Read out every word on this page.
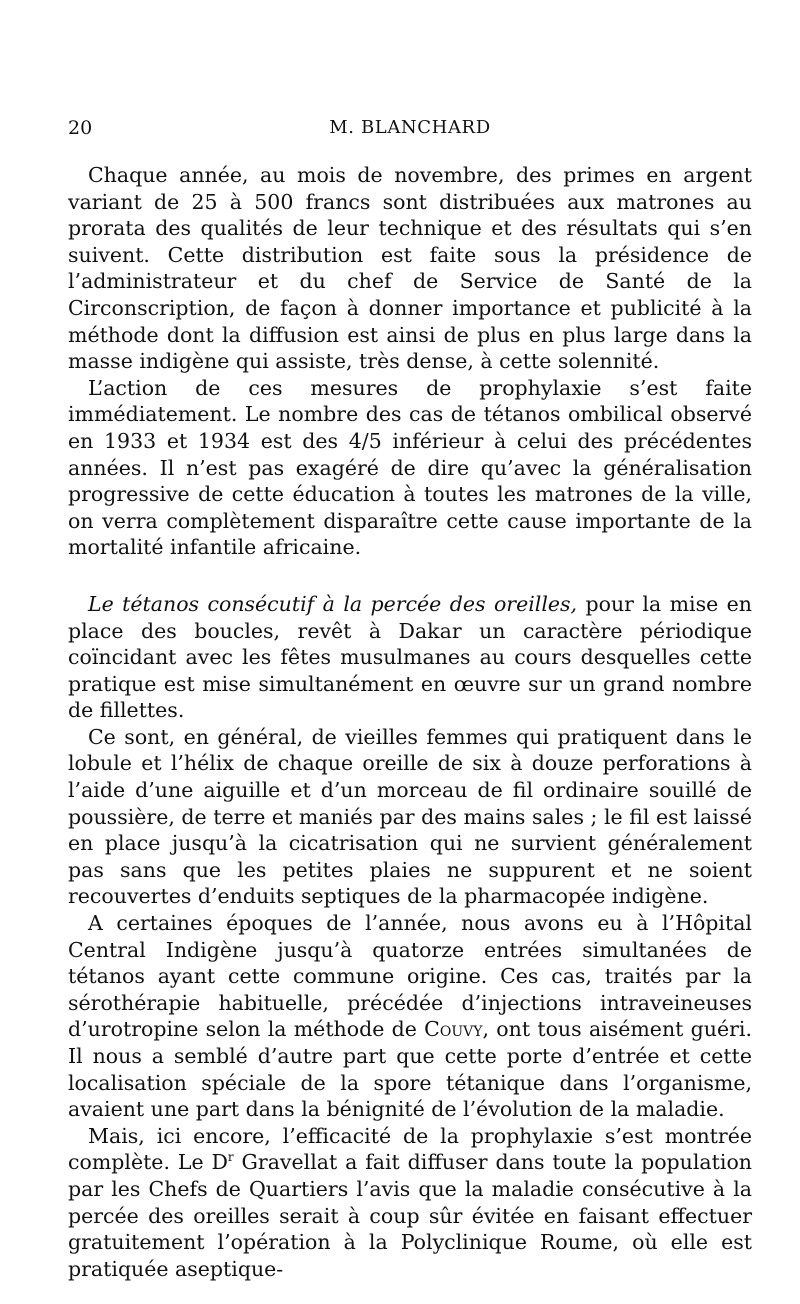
20	M. BLANCHARD

Chaque année, au mois de novembre, des primes en argent variant de 25 à 500 francs sont distribuées aux matrones au prorata des qualités de leur technique et des résultats qui s’en suivent. Cette distribution est faite sous la présidence de l’administrateur et du chef de Service de Santé de la Circonscription, de façon à donner importance et publicité à la méthode dont la diffusion est ainsi de plus en plus large dans la masse indigène qui assiste, très dense, à cette solennité.

L’action de ces mesures de prophylaxie s’est faite immédiatement. Le nombre des cas de tétanos ombilical observé en 1933 et 1934 est des 4/5 inférieur à celui des précédentes années. Il n’est pas exagéré de dire qu’avec la généralisation progressive de cette éducation à toutes les matrones de la ville, on verra complètement disparaître cette cause importante de la mortalité infantile africaine.

Le tétanos consécutif à la percée des oreilles, pour la mise en place des boucles, revêt à Dakar un caractère périodique coïncidant avec les fêtes musulmanes au cours desquelles cette pratique est mise simultanément en œuvre sur un grand nombre de fillettes.

Ce sont, en général, de vieilles femmes qui pratiquent dans le lobule et l’hélix de chaque oreille de six à douze perforations à l’aide d’une aiguille et d’un morceau de fil ordinaire souillé de poussière, de terre et maniés par des mains sales ; le fil est laissé en place jusqu’à la cicatrisation qui ne survient généralement pas sans que les petites plaies ne suppurent et ne soient recouvertes d’enduits septiques de la pharmacopée indigène.

A certaines époques de l’année, nous avons eu à l’Hôpital Central Indigène jusqu’à quatorze entrées simultanées de tétanos ayant cette commune origine. Ces cas, traités par la sérothérapie habituelle, précédée d’injections intraveineuses d’urotropine selon la méthode de Couvy, ont tous aisément guéri. Il nous a semblé d’autre part que cette porte d’entrée et cette localisation spéciale de la spore tétanique dans l’organisme, avaient une part dans la bénignité de l’évolution de la maladie.

Mais, ici encore, l’efficacité de la prophylaxie s’est montrée complète. Le $D^r$ Gravellat a fait diffuser dans toute la population par les Chefs de Quartiers l’avis que la maladie consécutive à la percée des oreilles serait à coup sûr évitée en faisant effectuer gratuitement l’opération à la Polyclinique Roume, où elle est pratiquée aseptique-
